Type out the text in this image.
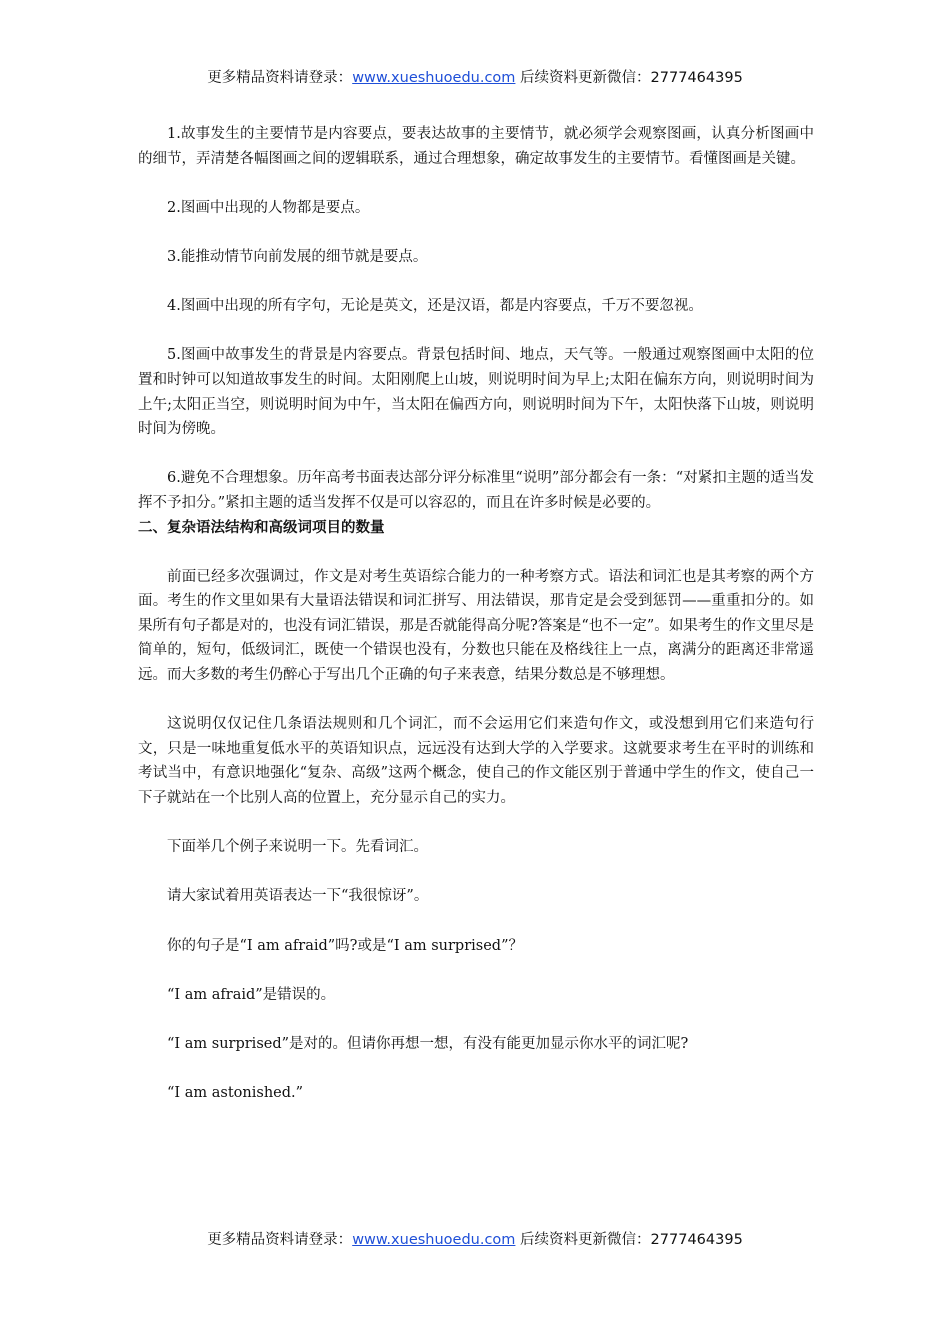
更多精品资料请登录：www.xueshuoedu.com 后续资料更新微信：2777464395

1.故事发生的主要情节是内容要点，要表达故事的主要情节，就必须学会观察图画，认真分析图画中的细节，弄清楚各幅图画之间的逻辑联系，通过合理想象，确定故事发生的主要情节。看懂图画是关键。

2.图画中出现的人物都是要点。

3.能推动情节向前发展的细节就是要点。

4.图画中出现的所有字句，无论是英文，还是汉语，都是内容要点，千万不要忽视。

5.图画中故事发生的背景是内容要点。背景包括时间、地点，天气等。一般通过观察图画中太阳的位置和时钟可以知道故事发生的时间。太阳刚爬上山坡，则说明时间为早上;太阳在偏东方向，则说明时间为上午;太阳正当空，则说明时间为中午，当太阳在偏西方向，则说明时间为下午，太阳快落下山坡，则说明时间为傍晚。

6.避免不合理想象。历年高考书面表达部分评分标准里“说明”部分都会有一条：“对紧扣主题的适当发挥不予扣分。”紧扣主题的适当发挥不仅是可以容忍的，而且在许多时候是必要的。

二、复杂语法结构和高级词项目的数量

前面已经多次强调过，作文是对考生英语综合能力的一种考察方式。语法和词汇也是其考察的两个方面。考生的作文里如果有大量语法错误和词汇拼写、用法错误，那肯定是会受到惩罚——重重扣分的。如果所有句子都是对的，也没有词汇错误，那是否就能得高分呢?答案是“也不一定”。如果考生的作文里尽是简单的，短句，低级词汇，既使一个错误也没有，分数也只能在及格线往上一点，离满分的距离还非常遥远。而大多数的考生仍醉心于写出几个正确的句子来表意，结果分数总是不够理想。

这说明仅仅记住几条语法规则和几个词汇，而不会运用它们来造句作文，或没想到用它们来造句行文，只是一味地重复低水平的英语知识点，远远没有达到大学的入学要求。这就要求考生在平时的训练和考试当中，有意识地强化“复杂、高级”这两个概念，使自己的作文能区别于普通中学生的作文，使自己一下子就站在一个比别人高的位置上，充分显示自己的实力。

下面举几个例子来说明一下。先看词汇。

请大家试着用英语表达一下“我很惊讶”。

你的句子是“I am afraid”吗?或是“I am surprised”？

“I am afraid”是错误的。

“I am surprised”是对的。但请你再想一想，有没有能更加显示你水平的词汇呢?

“I am astonished.”

更多精品资料请登录：www.xueshuoedu.com 后续资料更新微信：2777464395
